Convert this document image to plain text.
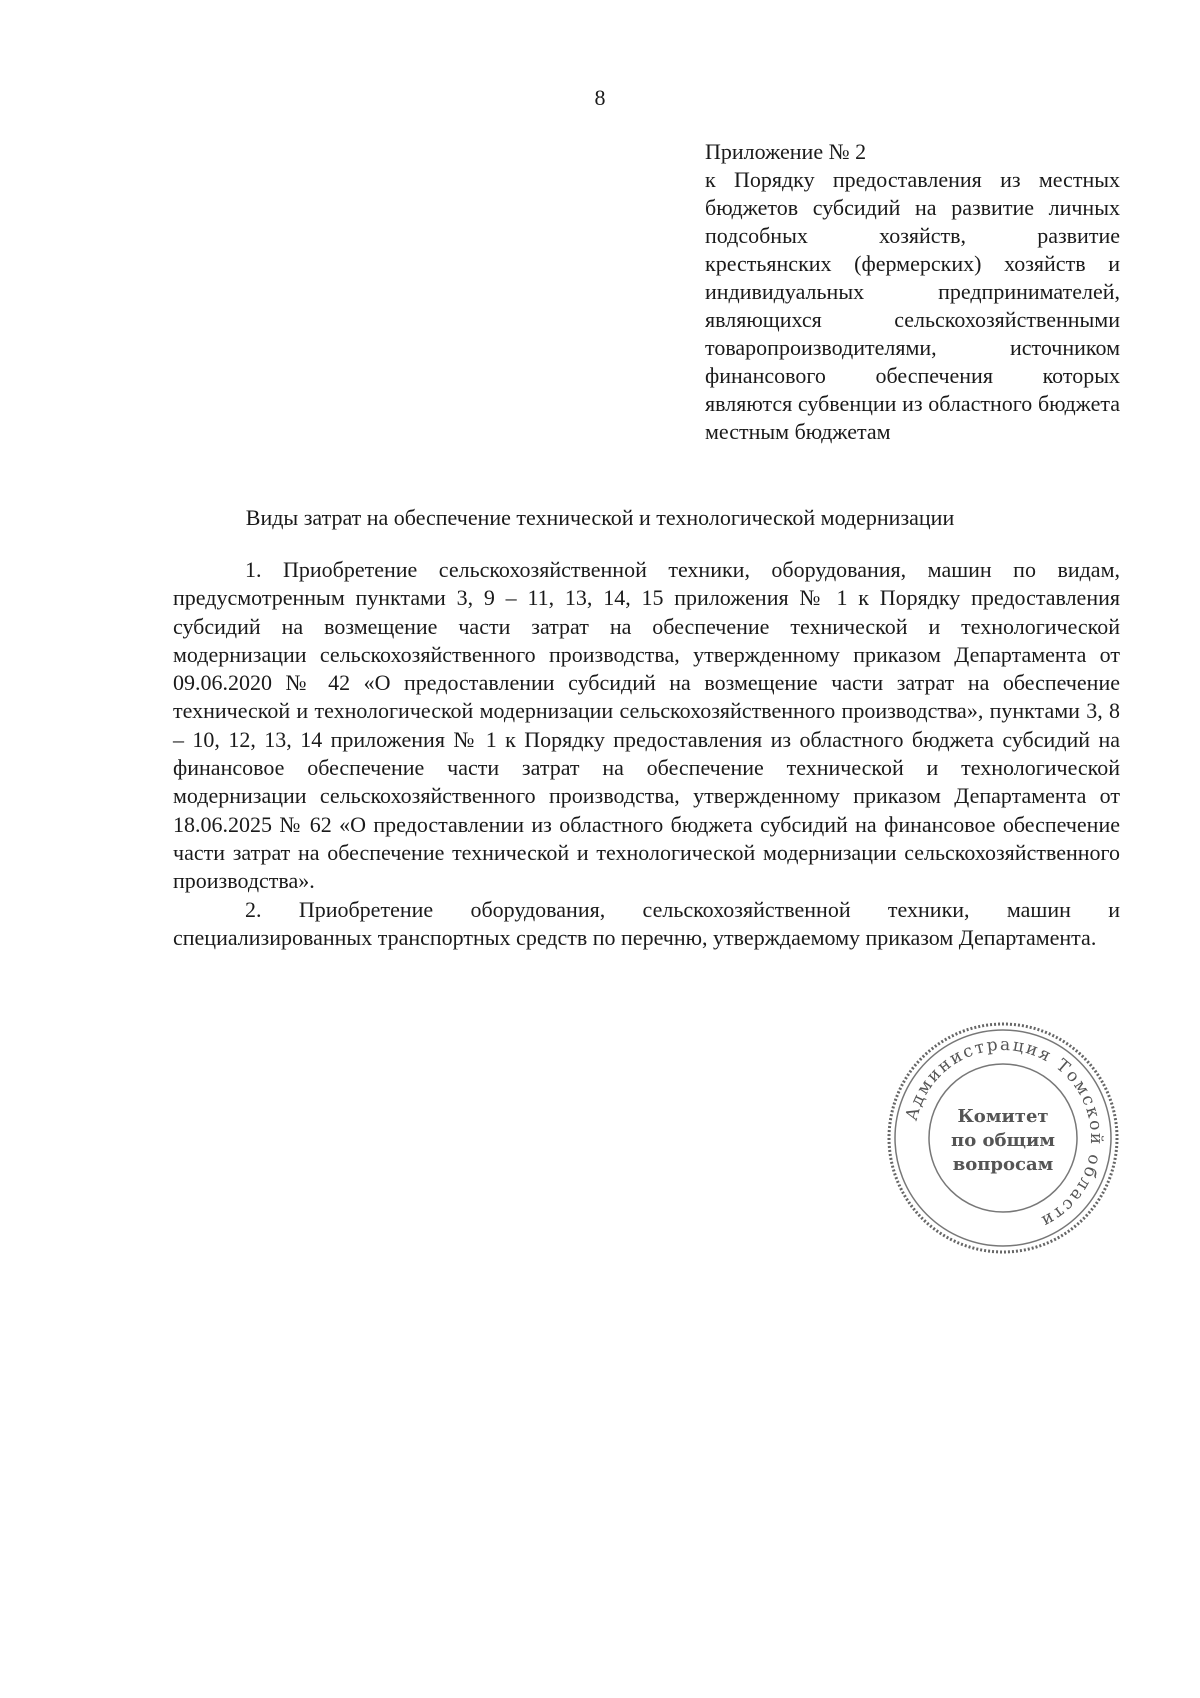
8
Приложение № 2
к Порядку предоставления из местных бюджетов субсидий на развитие личных подсобных хозяйств, развитие крестьянских (фермерских) хозяйств и индивидуальных предпринимателей, являющихся сельскохозяйственными товаропроизводителями, источником финансового обеспечения которых являются субвенции из областного бюджета местным бюджетам
Виды затрат на обеспечение технической и технологической модернизации

1. Приобретение сельскохозяйственной техники, оборудования, машин по видам, предусмотренным пунктами 3, 9 – 11, 13, 14, 15 приложения № 1 к Порядку предоставления субсидий на возмещение части затрат на обеспечение технической и технологической модернизации сельскохозяйственного производства, утвержденному приказом Департамента от 09.06.2020 № 42 «О предоставлении субсидий на возмещение части затрат на обеспечение технической и технологической модернизации сельскохозяйственного производства», пунктами 3, 8 – 10, 12, 13, 14 приложения № 1 к Порядку предоставления из областного бюджета субсидий на финансовое обеспечение части затрат на обеспечение технической и технологической модернизации сельскохозяйственного производства, утвержденному приказом Департамента от 18.06.2025 № 62 «О предоставлении из областного бюджета субсидий на финансовое обеспечение части затрат на обеспечение технической и технологической модернизации сельскохозяйственного производства».

2. Приобретение оборудования, сельскохозяйственной техники, машин и специализированных транспортных средств по перечню, утверждаемому приказом Департамента.

Администрация Томской области
Комитет
по общим
вопросам
